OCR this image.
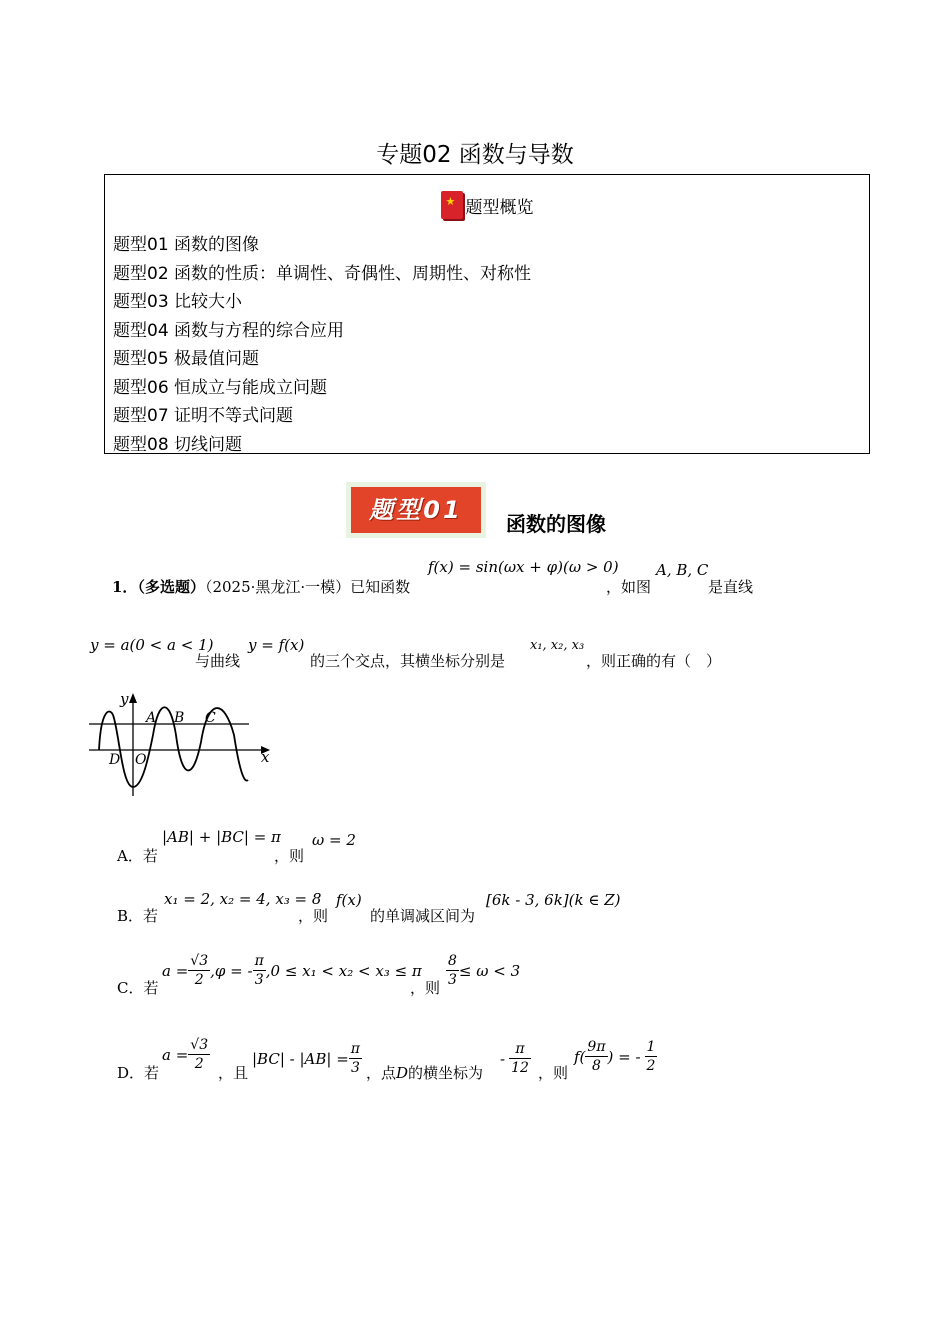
专题02 函数与导数
★题型概览
题型01 函数的图像
题型02 函数的性质：单调性、奇偶性、周期性、对称性
题型03 比较大小
题型04 函数与方程的综合应用
题型05 极最值问题
题型06 恒成立与能成立问题
题型07 证明不等式问题
题型08 切线问题
题型01	函数的图像
1．（多选题）（2025·黑龙江·一模）已知函数
f(x) = sin(ωx + φ)(ω > 0)
，如图
A, B, C
是直线
y = a(0 < a < 1)
与曲线
y = f(x)
的三个交点，其横坐标分别是
x₁, x₂, x₃
，则正确的有（　）
y
x
A B C
D O
A．若
|AB| + |BC| = π
，则
ω = 2
B．若
x₁ = 2, x₂ = 4, x₃ = 8
，则
f(x)
的单调减区间为
[6k - 3, 6k](k ∈ Z)
C．若
$a = \frac{√3}{2} ,\varphi$ = - $\frac{\pi}{3} ,0 \le x_1 < x_2 < x_3 \le \pi$
，则 $\frac{8}{3} \le \omega < 3$
D．若
$a = \frac{√3}{2}$ ，且
$|BC| - |AB| = \frac{\pi}{3}$ ，点D的横坐标为
- $\frac{\pi}{12}$ ，则
$f( \frac{9\pi}{8}$ ) = - $\frac{1}{2}$
